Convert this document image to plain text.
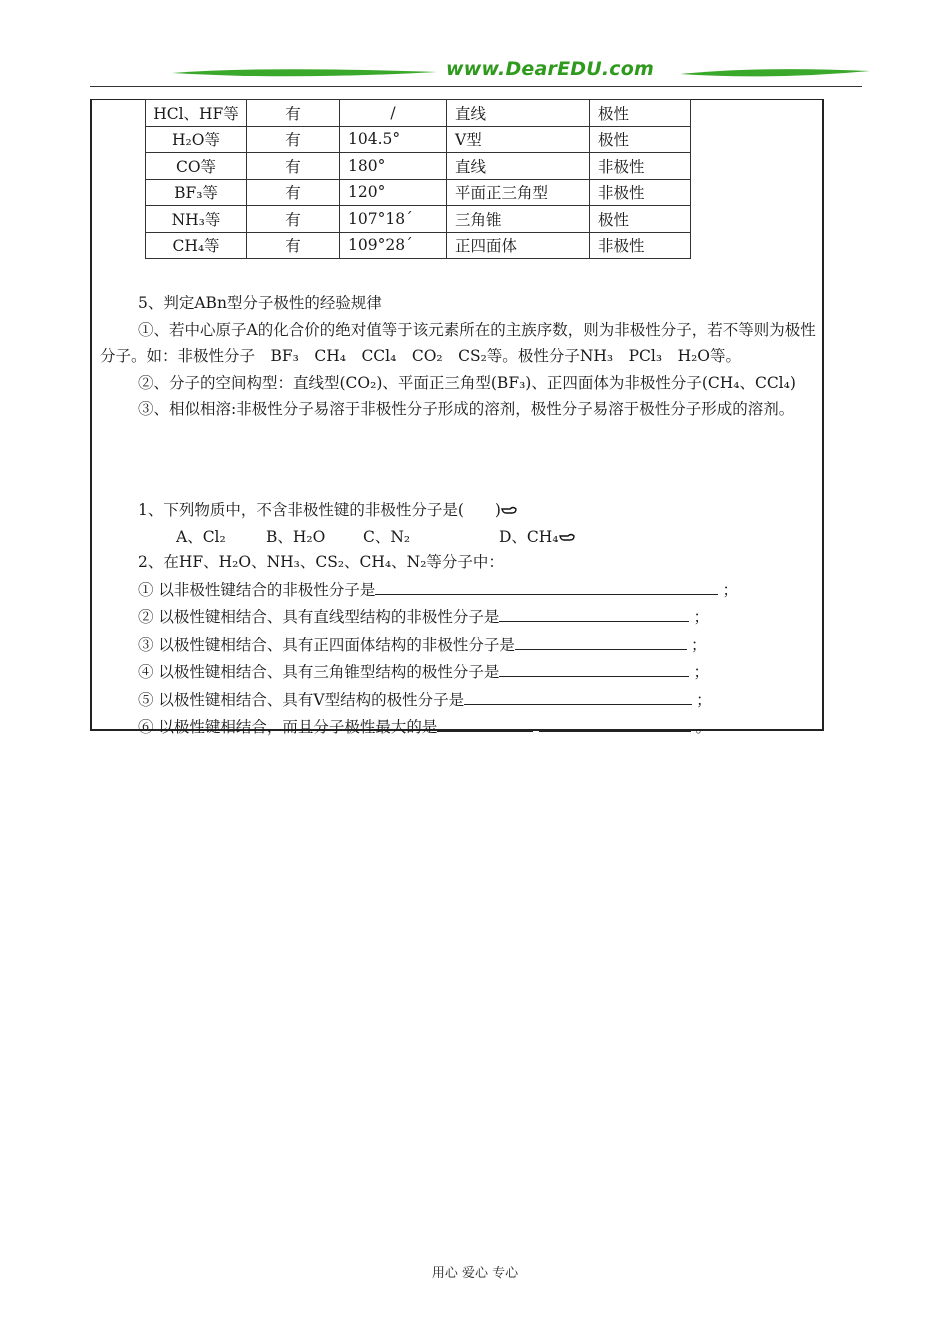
www.DearEDU.com
HCl、HF等	有	/	直线	极性
H₂O等	有	104.5°	V型	极性
CO等	有	180°	直线	非极性
BF₃等	有	120°	平面正三角型	非极性
NH₃等	有	107°18´	三角锥	极性
CH₄等	有	109°28´	正四面体	非极性

5、判定ABn型分子极性的经验规律

①、若中心原子A的化合价的绝对值等于该元素所在的主族序数，则为非极性分子，若不等则为极性分子。如：非极性分子　BF₃　CH₄　CCl₄　CO₂　CS₂等。极性分子NH₃　PCl₃　H₂O等。

②、分子的空间构型：直线型(CO₂)、平面正三角型(BF₃)、正四面体为非极性分子(CH₄、CCl₄)

③、相似相溶:非极性分子易溶于非极性分子形成的溶剂，极性分子易溶于极性分子形成的溶剂。

1、下列物质中，不含非极性键的非极性分子是(　　)
A、Cl₂	B、H₂O	C、N₂	D、CH₄

2、在HF、H₂O、NH₃、CS₂、CH₄、N₂等分子中：

① 以非极性键结合的非极性分子是	；
② 以极性键相结合、具有直线型结构的非极性分子是	；
③ 以极性键相结合、具有正四面体结构的非极性分子是	；
④ 以极性键相结合、具有三角锥型结构的极性分子是	；
⑤ 以极性键相结合、具有V型结构的极性分子是	；
⑥ 以极性键相结合，而且分子极性最大的是	。
用心 爱心 专心
